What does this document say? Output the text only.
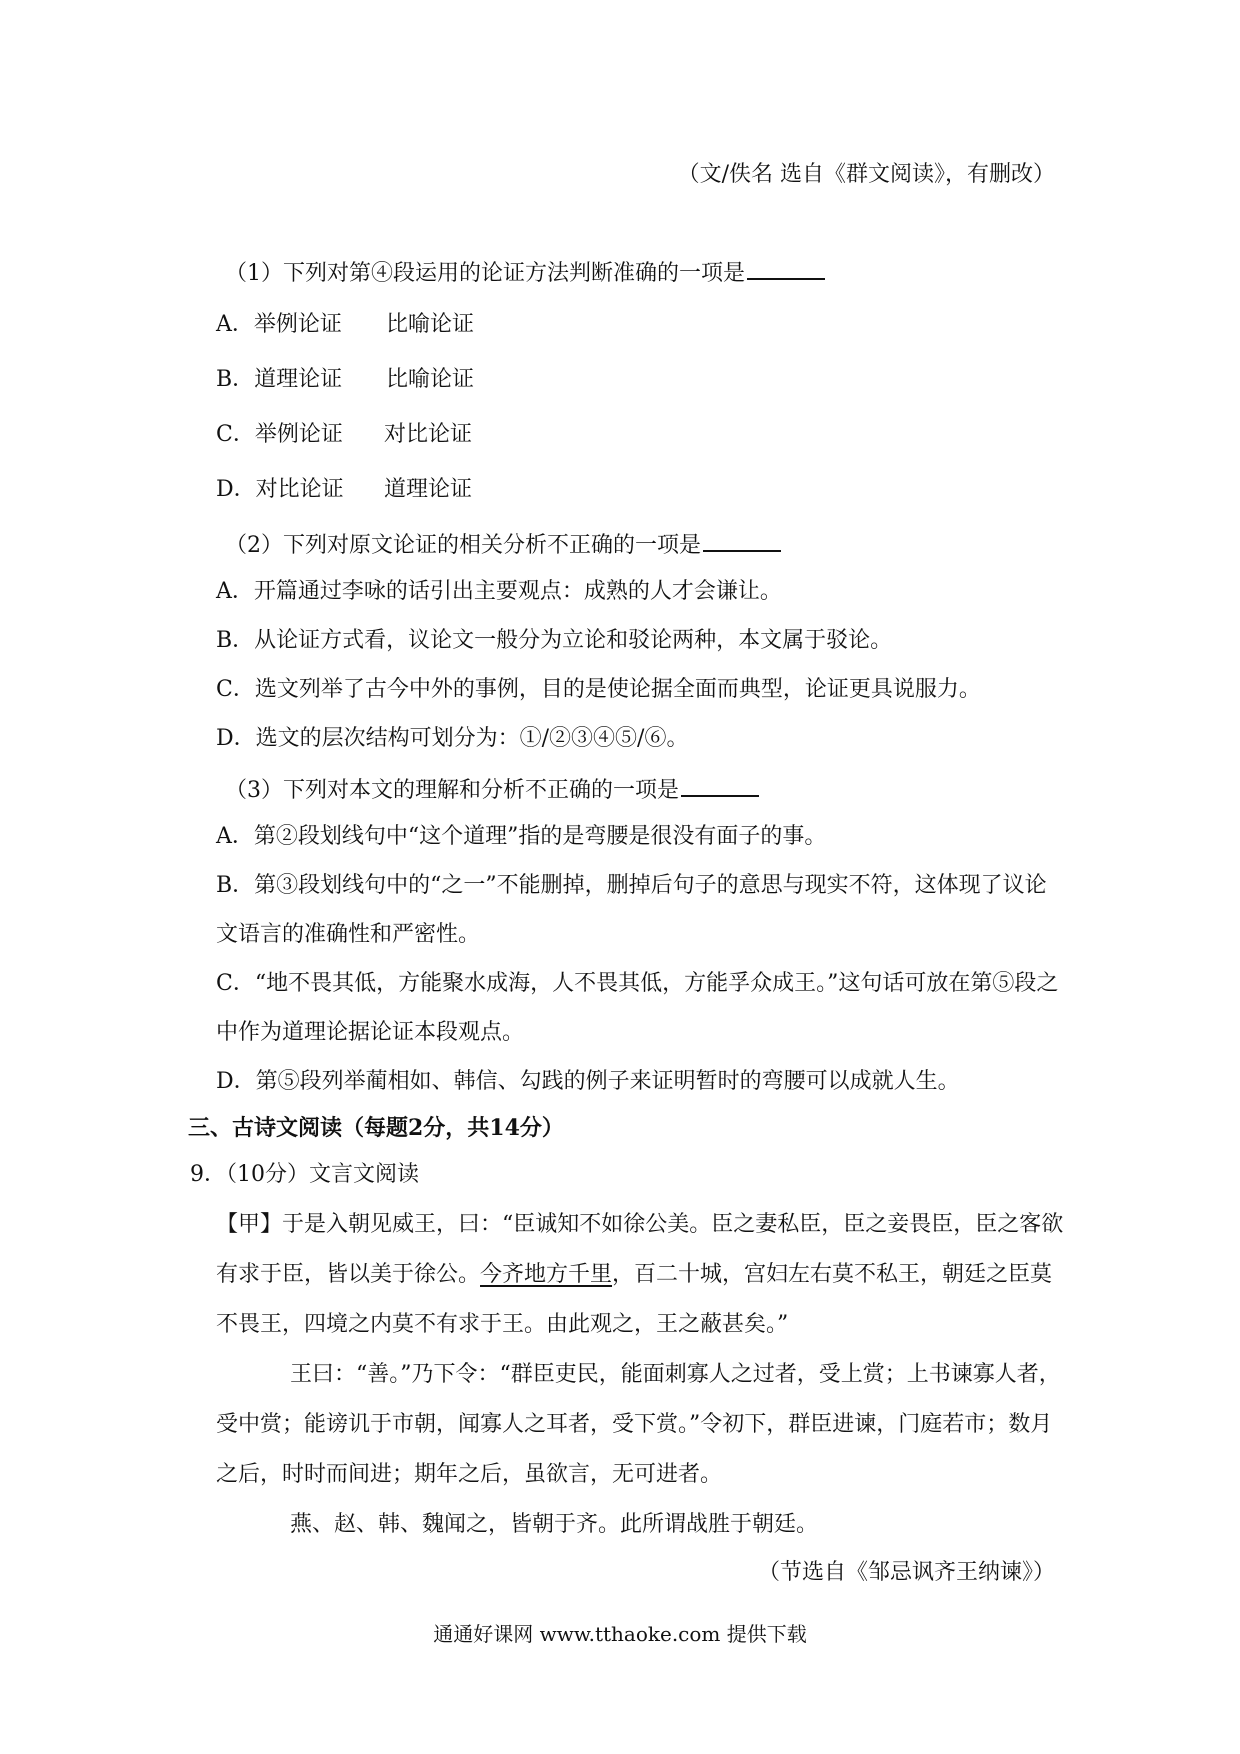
（文/佚名 选自《群文阅读》，有删改）
（1）下列对第④段运用的论证方法判断准确的一项是
A．举例论证 比喻论证
B．道理论证 比喻论证
C．举例论证 对比论证
D．对比论证 道理论证
（2）下列对原文论证的相关分析不正确的一项是
A．开篇通过李咏的话引出主要观点：成熟的人才会谦让。
B．从论证方式看，议论文一般分为立论和驳论两种，本文属于驳论。
C．选文列举了古今中外的事例，目的是使论据全面而典型，论证更具说服力。
D．选文的层次结构可划分为：①/②③④⑤/⑥。
（3）下列对本文的理解和分析不正确的一项是
A．第②段划线句中“这个道理”指的是弯腰是很没有面子的事。
B．第③段划线句中的“之一”不能删掉，删掉后句子的意思与现实不符，这体现了议论
文语言的准确性和严密性。
C．“地不畏其低，方能聚水成海，人不畏其低，方能孚众成王。”这句话可放在第⑤段之
中作为道理论据论证本段观点。
D．第⑤段列举蔺相如、韩信、勾践的例子来证明暂时的弯腰可以成就人生。
三、古诗文阅读（每题2分，共14分）
9．（10分）文言文阅读
【甲】于是入朝见威王，曰：“臣诚知不如徐公美。臣之妻私臣，臣之妾畏臣，臣之客欲
有求于臣，皆以美于徐公。今齐地方千里，百二十城，宫妇左右莫不私王，朝廷之臣莫
不畏王，四境之内莫不有求于王。由此观之，王之蔽甚矣。”
王曰：“善。”乃下令：“群臣吏民，能面刺寡人之过者，受上赏；上书谏寡人者，
受中赏；能谤讥于市朝，闻寡人之耳者，受下赏。”令初下，群臣进谏，门庭若市；数月
之后，时时而间进；期年之后，虽欲言，无可进者。
燕、赵、韩、魏闻之，皆朝于齐。此所谓战胜于朝廷。
（节选自《邹忌讽齐王纳谏》）
通通好课网 www.tthaoke.com 提供下载
